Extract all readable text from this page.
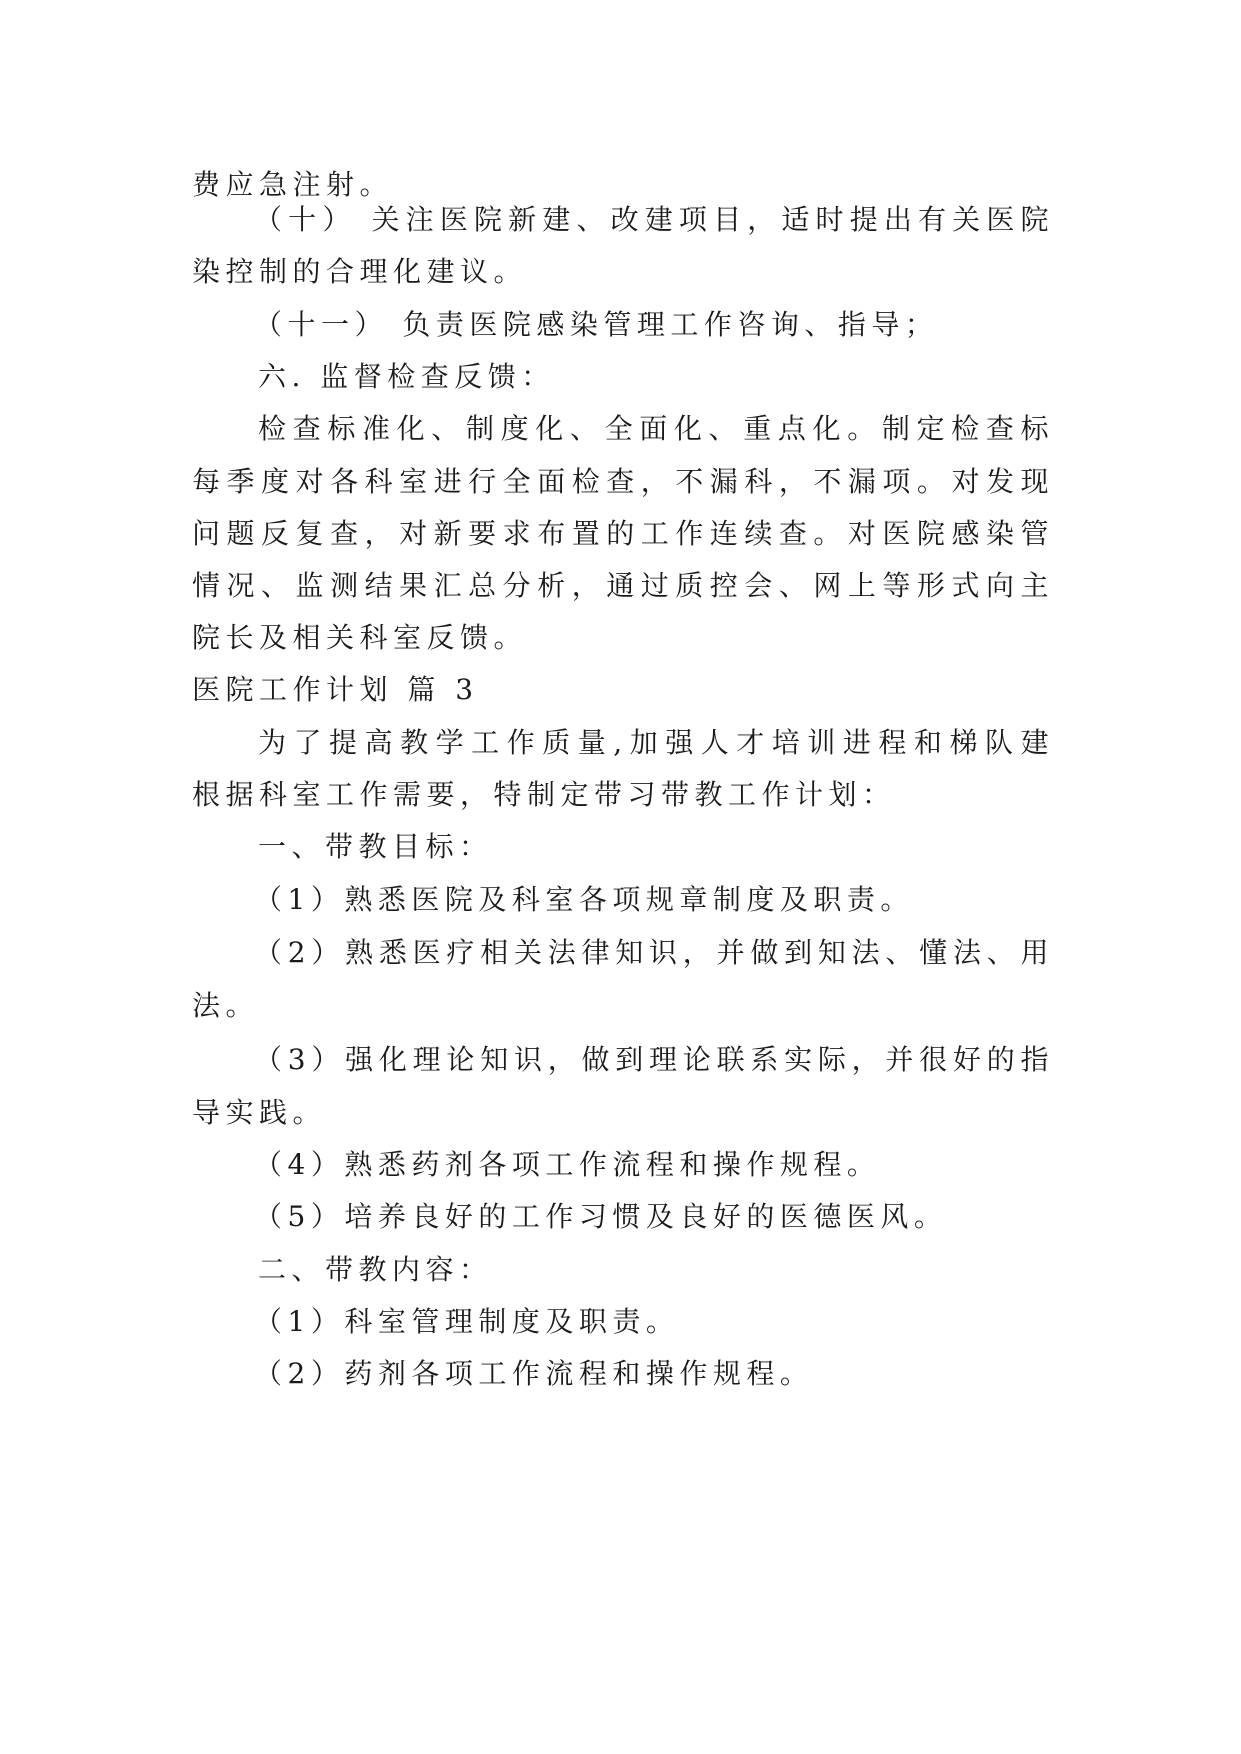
费应急注射。
（十） 关注医院新建、改建项目，适时提出有关医院
染控制的合理化建议。
（十一） 负责医院感染管理工作咨询、指导；
六. 监督检查反馈：
检查标准化、制度化、全面化、重点化。制定检查标
每季度对各科室进行全面检查，不漏科，不漏项。对发现
问题反复查，对新要求布置的工作连续查。对医院感染管
情况、监测结果汇总分析，通过质控会、网上等形式向主
院长及相关科室反馈。
医院工作计划 篇 3
为了提高教学工作质量,加强人才培训进程和梯队建
根据科室工作需要，特制定带习带教工作计划：
一、带教目标：
（1）熟悉医院及科室各项规章制度及职责。
（2）熟悉医疗相关法律知识，并做到知法、懂法、用
法。
（3）强化理论知识，做到理论联系实际，并很好的指
导实践。
（4）熟悉药剂各项工作流程和操作规程。
（5）培养良好的工作习惯及良好的医德医风。
二、带教内容：
（1）科室管理制度及职责。
（2）药剂各项工作流程和操作规程。
